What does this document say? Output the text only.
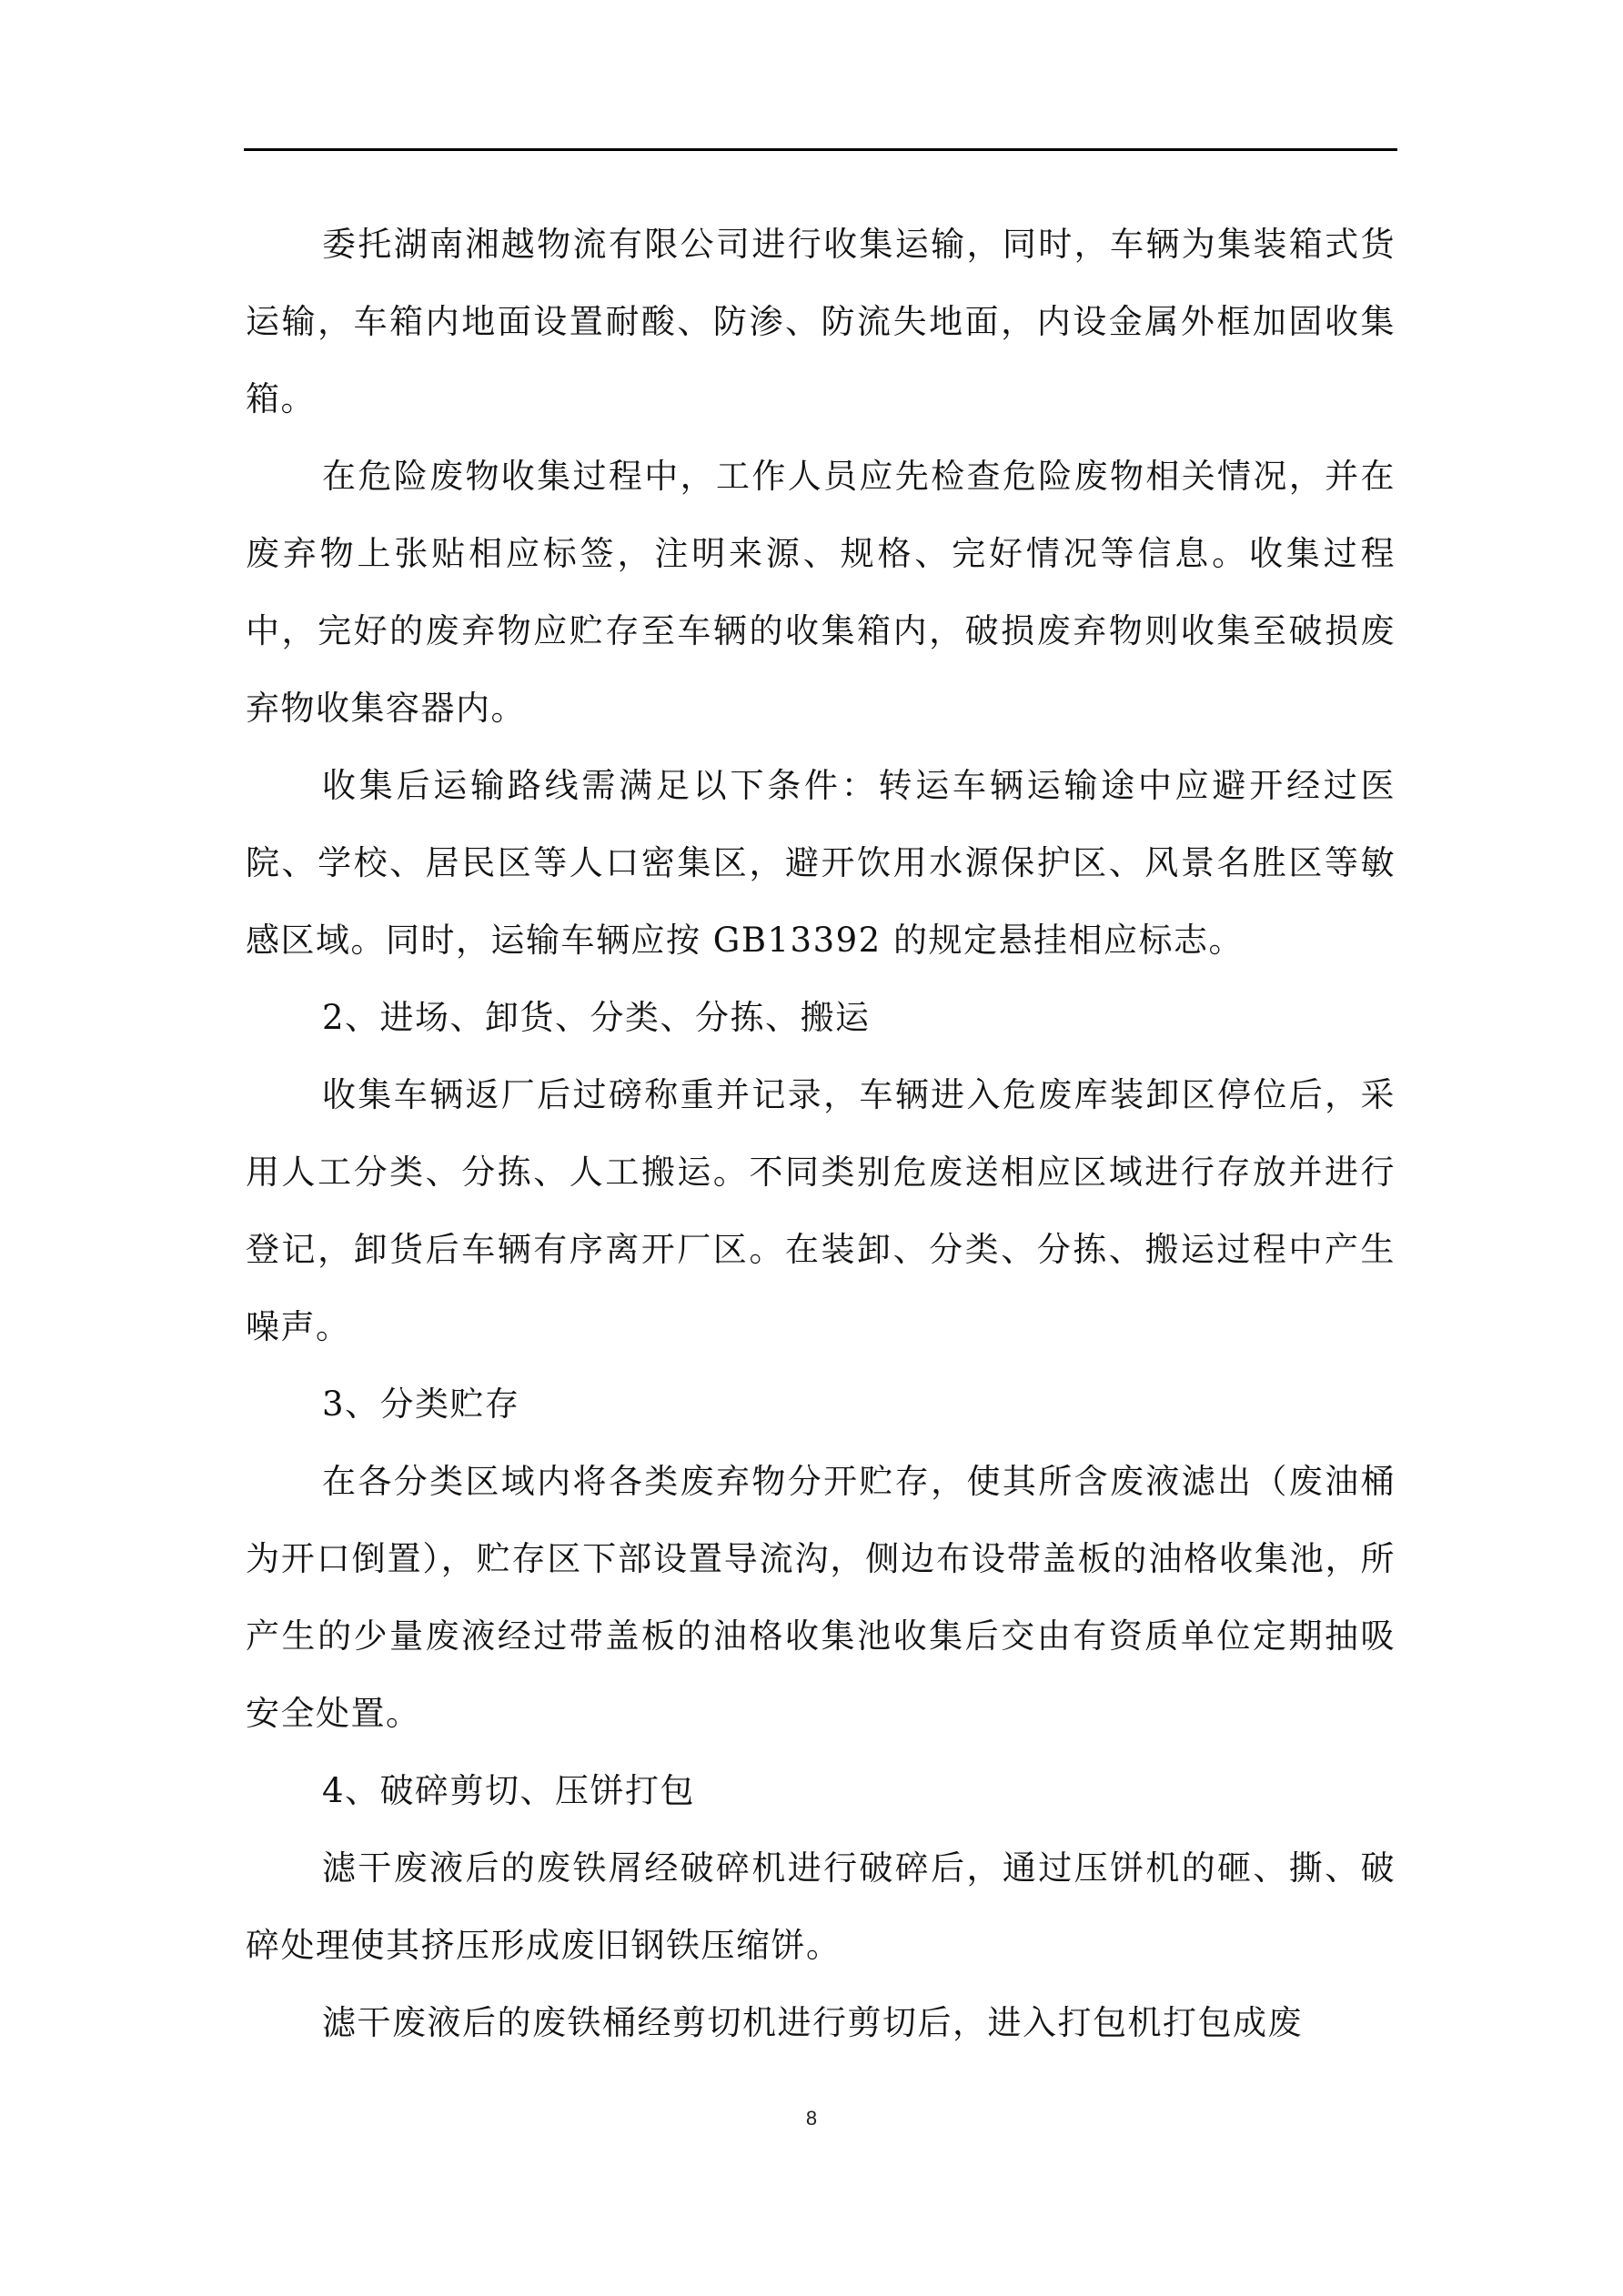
委托湖南湘越物流有限公司进行收集运输，同时，车辆为集装箱式货运输，车箱内地面设置耐酸、防渗、防流失地面，内设金属外框加固收集箱。

在危险废物收集过程中，工作人员应先检查危险废物相关情况，并在废弃物上张贴相应标签，注明来源、规格、完好情况等信息。收集过程中，完好的废弃物应贮存至车辆的收集箱内，破损废弃物则收集至破损废弃物收集容器内。

收集后运输路线需满足以下条件：转运车辆运输途中应避开经过医院、学校、居民区等人口密集区，避开饮用水源保护区、风景名胜区等敏感区域。同时，运输车辆应按 GB13392 的规定悬挂相应标志。

2、进场、卸货、分类、分拣、搬运

收集车辆返厂后过磅称重并记录，车辆进入危废库装卸区停位后，采用人工分类、分拣、人工搬运。不同类别危废送相应区域进行存放并进行登记，卸货后车辆有序离开厂区。在装卸、分类、分拣、搬运过程中产生噪声。

3、分类贮存

在各分类区域内将各类废弃物分开贮存，使其所含废液滤出（废油桶为开口倒置），贮存区下部设置导流沟，侧边布设带盖板的油格收集池，所产生的少量废液经过带盖板的油格收集池收集后交由有资质单位定期抽吸安全处置。

4、破碎剪切、压饼打包

滤干废液后的废铁屑经破碎机进行破碎后，通过压饼机的砸、撕、破碎处理使其挤压形成废旧钢铁压缩饼。

滤干废液后的废铁桶经剪切机进行剪切后，进入打包机打包成废

8
